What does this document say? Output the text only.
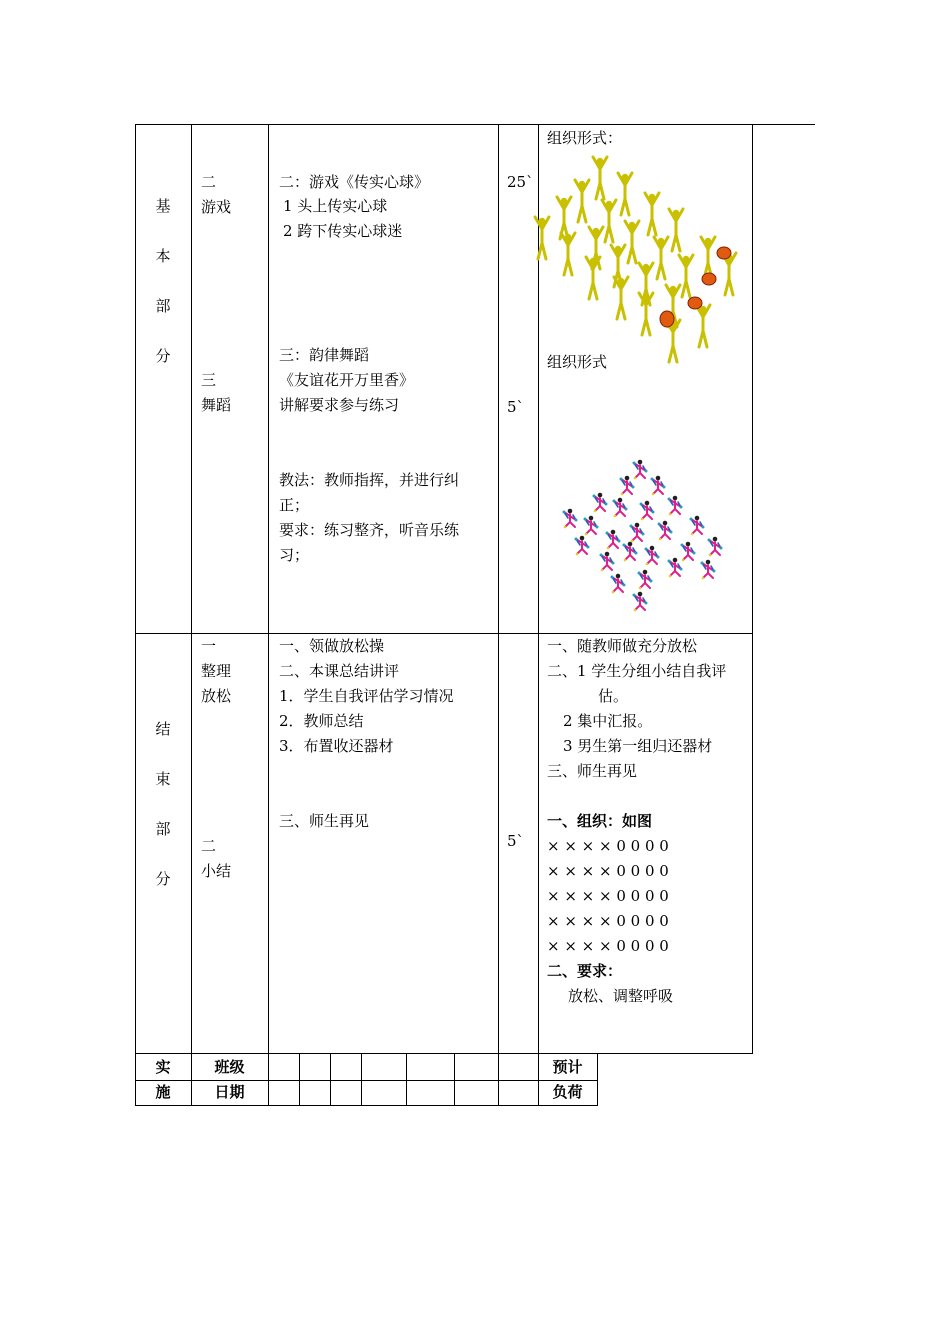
基
本
部
分
二
游戏
三
舞蹈
二：游戏《传实心球》
1 头上传实心球
2 跨下传实心球迷
三：韵律舞蹈
《友谊花开万里香》
讲解要求参与练习
教法：教师指挥，并进行纠
正；
要求：练习整齐，听音乐练
习；
25`
5`
组织形式：
组织形式
结
束
部
分
一
整理
放松
二
小结
一、领做放松操
二、本课总结讲评
1．学生自我评估学习情况
2．教师总结
3．布置收还器材
三、师生再见
5`
一、随教师做充分放松
二、1 学生分组小结自我评
估。
2 集中汇报。
3 男生第一组归还器材
三、师生再见
一、组织：如图
× × × × 0 0 0 0
× × × × 0 0 0 0
× × × × 0 0 0 0
× × × × 0 0 0 0
× × × × 0 0 0 0
二、要求：
放松、调整呼吸
实
施
班级
日期
预计
负荷
